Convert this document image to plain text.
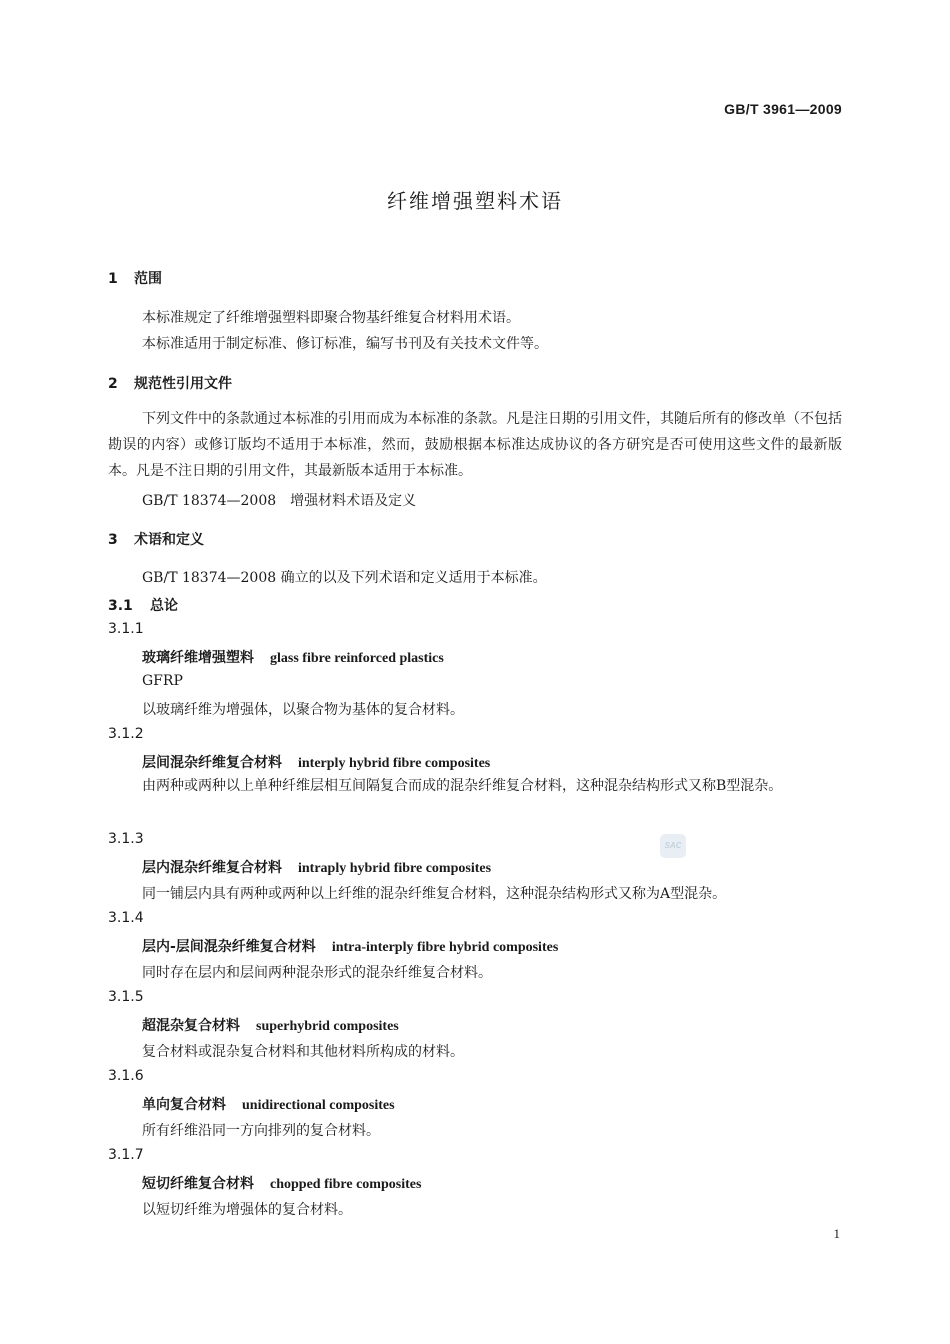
GB/T 3961—2009
纤维增强塑料术语
1 范围
本标准规定了纤维增强塑料即聚合物基纤维复合材料用术语。
本标准适用于制定标准、修订标准，编写书刊及有关技术文件等。
2 规范性引用文件
下列文件中的条款通过本标准的引用而成为本标准的条款。凡是注日期的引用文件，其随后所有的修改单（不包括勘误的内容）或修订版均不适用于本标准，然而，鼓励根据本标准达成协议的各方研究是否可使用这些文件的最新版本。凡是不注日期的引用文件，其最新版本适用于本标准。
GB/T 18374—2008　增强材料术语及定义
3 术语和定义
GB/T 18374—2008 确立的以及下列术语和定义适用于本标准。
3.1 总论
3.1.1
玻璃纤维增强塑料 glass fibre reinforced plastics
GFRP
以玻璃纤维为增强体，以聚合物为基体的复合材料。
3.1.2
层间混杂纤维复合材料 interply hybrid fibre composites
由两种或两种以上单种纤维层相互间隔复合而成的混杂纤维复合材料，这种混杂结构形式又称B型混杂。
3.1.3
层内混杂纤维复合材料 intraply hybrid fibre composites
同一铺层内具有两种或两种以上纤维的混杂纤维复合材料，这种混杂结构形式又称为A型混杂。
3.1.4
层内-层间混杂纤维复合材料 intra-interply fibre hybrid composites
同时存在层内和层间两种混杂形式的混杂纤维复合材料。
3.1.5
超混杂复合材料 superhybrid composites
复合材料或混杂复合材料和其他材料所构成的材料。
3.1.6
单向复合材料 unidirectional composites
所有纤维沿同一方向排列的复合材料。
3.1.7
短切纤维复合材料 chopped fibre composites
以短切纤维为增强体的复合材料。
SAC
1
